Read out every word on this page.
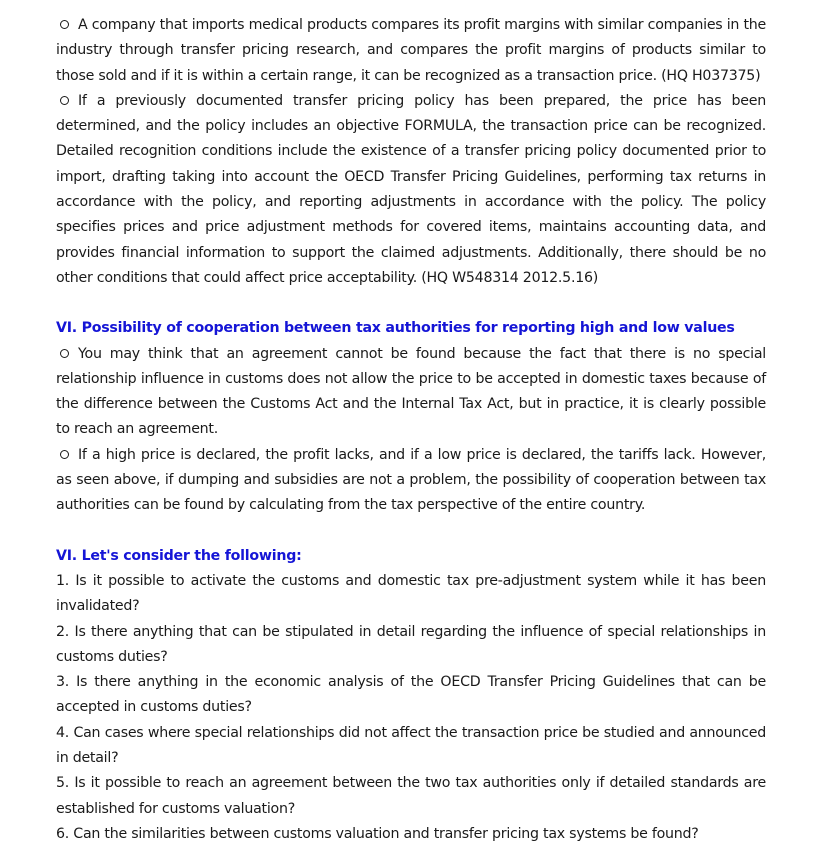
A company that imports medical products compares its profit margins with similar companies in the industry through transfer pricing research, and compares the profit margins of products similar to those sold and if it is within a certain range, it can be recognized as a transaction price. (HQ H037375)

If a previously documented transfer pricing policy has been prepared, the price has been determined, and the policy includes an objective FORMULA, the transaction price can be recognized. Detailed recognition conditions include the existence of a transfer pricing policy documented prior to import, drafting taking into account the OECD Transfer Pricing Guidelines, performing tax returns in accordance with the policy, and reporting adjustments in accordance with the policy. The policy specifies prices and price adjustment methods for covered items, maintains accounting data, and provides financial information to support the claimed adjustments. Additionally, there should be no other conditions that could affect price acceptability. (HQ W548314 2012.5.16)

VI. Possibility of cooperation between tax authorities for reporting high and low values

You may think that an agreement cannot be found because the fact that there is no special relationship influence in customs does not allow the price to be accepted in domestic taxes because of the difference between the Customs Act and the Internal Tax Act, but in practice, it is clearly possible to reach an agreement.

If a high price is declared, the profit lacks, and if a low price is declared, the tariffs lack. However, as seen above, if dumping and subsidies are not a problem, the possibility of cooperation between tax authorities can be found by calculating from the tax perspective of the entire country.

VI. Let's consider the following:

1. Is it possible to activate the customs and domestic tax pre-adjustment system while it has been invalidated?

2. Is there anything that can be stipulated in detail regarding the influence of special relationships in customs duties?

3. Is there anything in the economic analysis of the OECD Transfer Pricing Guidelines that can be accepted in customs duties?

4. Can cases where special relationships did not affect the transaction price be studied and announced in detail?

5. Is it possible to reach an agreement between the two tax authorities only if detailed standards are established for customs valuation?

6. Can the similarities between customs valuation and transfer pricing tax systems be found?
